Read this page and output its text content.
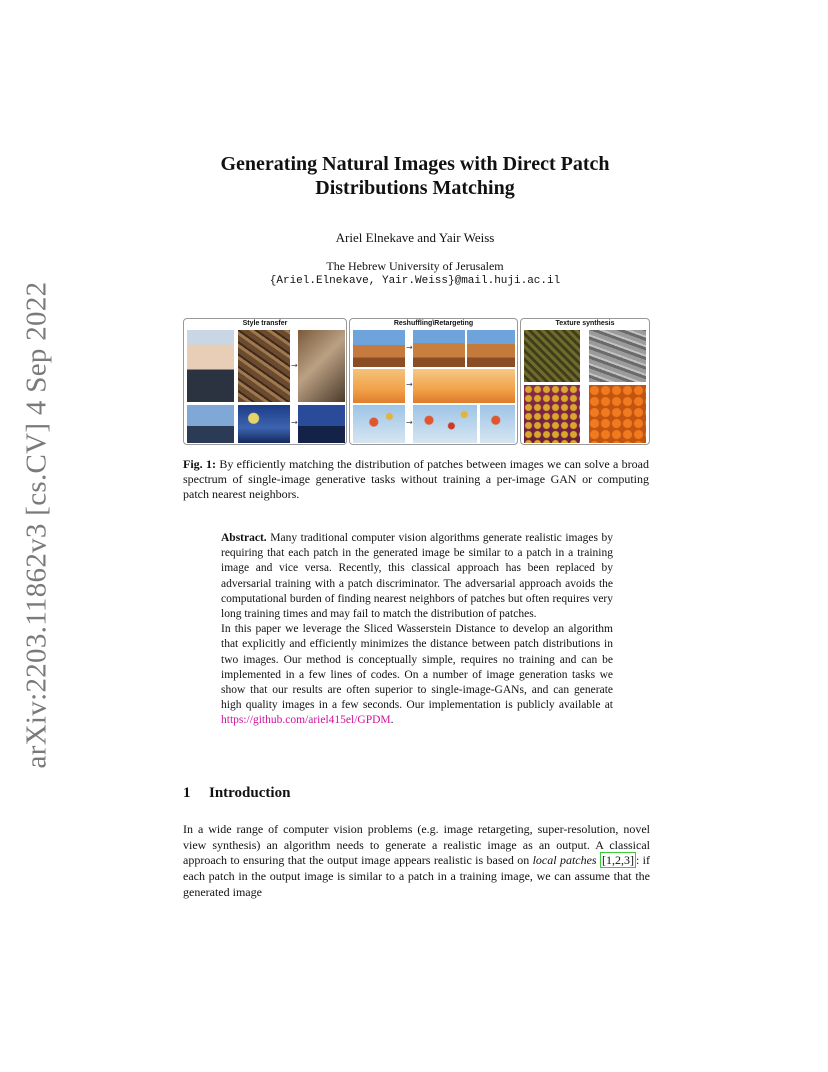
arXiv:2203.11862v3 [cs.CV] 4 Sep 2022
Generating Natural Images with Direct Patch
Distributions Matching
Ariel Elnekave and Yair Weiss
The Hebrew University of Jerusalem
{Ariel.Elnekave, Yair.Weiss}@mail.huji.ac.il
Style transfer
→
→
Reshuffling\Retargeting
→
→
→
Texture synthesis
Fig. 1: By efficiently matching the distribution of patches between images we can solve a broad spectrum of single-image generative tasks without training a per-image GAN or computing patch nearest neighbors.

Abstract. Many traditional computer vision algorithms generate realistic images by requiring that each patch in the generated image be similar to a patch in a training image and vice versa. Recently, this classical approach has been replaced by adversarial training with a patch discriminator. The adversarial approach avoids the computational burden of finding nearest neighbors of patches but often requires very long training times and may fail to match the distribution of patches.

In this paper we leverage the Sliced Wasserstein Distance to develop an algorithm that explicitly and efficiently minimizes the distance between patch distributions in two images. Our method is conceptually simple, requires no training and can be implemented in a few lines of codes. On a number of image generation tasks we show that our results are often superior to single-image-GANs, and can generate high quality images in a few seconds. Our implementation is publicly available at https://github.com/ariel415el/GPDM.

1 Introduction

In a wide range of computer vision problems (e.g. image retargeting, super-resolution, novel view synthesis) an algorithm needs to generate a realistic image as an output. A classical approach to ensuring that the output image appears realistic is based on local patches [1,2,3] : if each patch in the output image is similar to a patch in a training image, we can assume that the generated image
